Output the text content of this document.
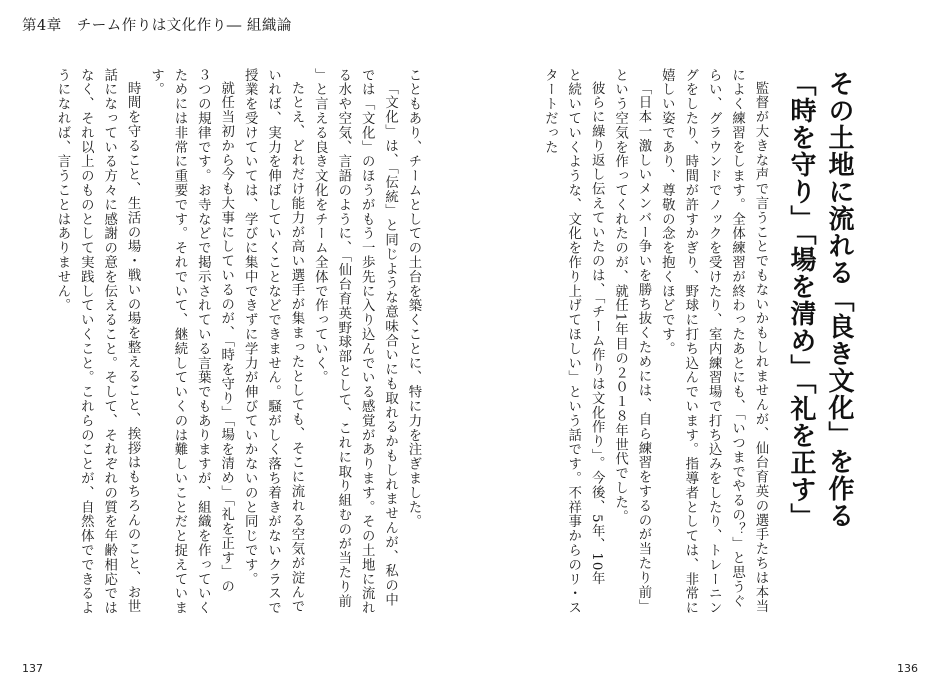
第4章　チーム作りは文化作り― 組織論
その土地に流れる「良き文化」を作る
「時を守り」「場を清め」「礼を正す」

監督が大きな声で言うことでもないかもしれませんが、仙台育英の選手たちは本当
によく練習をします。全体練習が終わったあとにも、「いつまでやるの？」と思うぐ
らい、グラウンドでノックを受けたり、室内練習場で打ち込みをしたり、トレーニン
グをしたり、時間が許すかぎり、野球に打ち込んでいます。指導者としては、非常に
嬉しい姿であり、尊敬の念を抱くほどです。

「日本一激しいメンバー争いを勝ち抜くためには、自ら練習をするのが当たり前」
という空気を作ってくれたのが、就任1年目の２０１８年世代でした。

彼らに繰り返し伝えていたのは、「チーム作りは文化作り」。今後、5年、10年
と続いていくような、文化を作り上げてほしい」という話です。不祥事からのリ・ス
タートだった

こともあり、チームとしての土台を築くことに、特に力を注ぎました。

「文化」は、「伝統」と同じような意味合いにも取れるかもしれませんが、私の中
では「文化」のほうがもう一歩先に入り込んでいる感覚があります。その土地に流れ
る水や空気、言語のように、「仙台育英野球部として、これに取り組むのが当たり前
」と言える良き文化をチーム全体で作っていく。

たとえ、どれだけ能力が高い選手が集まったとしても、そこに流れる空気が淀んで
いれば、実力を伸ばしていくことなどできません。騒がしく落ち着きがないクラスで
授業を受けていては、学びに集中できずに学力が伸びていかないのと同じです。

就任当初から今も大事にしているのが、「時を守り」「場を清め」「礼を正す」の
３つの規律です。お寺などで掲示されている言葉でもありますが、組織を作っていく
ためには非常に重要です。それでいて、継続していくのは難しいことだと捉えていま
す。

時間を守ること、生活の場・戦いの場を整えること、挨拶はもちろんのこと、お世
話になっている方々に感謝の意を伝えること。そして、それぞれの質を年齢相応では
なく、それ以上のものとして実践していくこと。これらのことが、自然体でできるよ
うになれば、言うことはありません。

137	136
